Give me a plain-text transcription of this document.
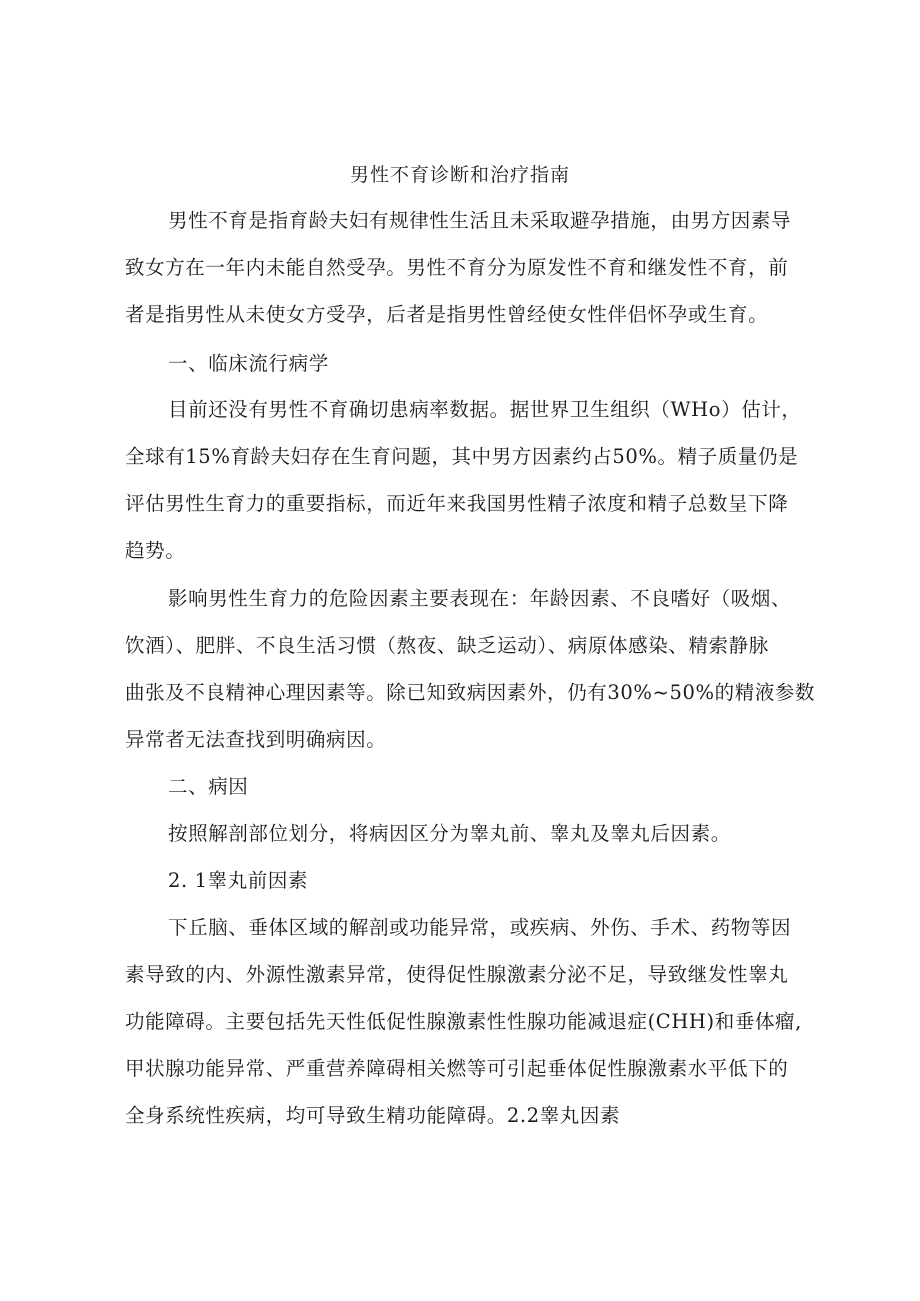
男性不育诊断和治疗指南

男性不育是指育龄夫妇有规律性生活且未采取避孕措施，由男方因素导
致女方在一年内未能自然受孕。男性不育分为原发性不育和继发性不育，前
者是指男性从未使女方受孕，后者是指男性曾经使女性伴侣怀孕或生育。

一、临床流行病学

目前还没有男性不育确切患病率数据。据世界卫生组织（WHo）估计，
全球有15%育龄夫妇存在生育问题，其中男方因素约占50%。精子质量仍是
评估男性生育力的重要指标，而近年来我国男性精子浓度和精子总数呈下降
趋势。

影响男性生育力的危险因素主要表现在：年龄因素、不良嗜好（吸烟、
饮酒）、肥胖、不良生活习惯（熬夜、缺乏运动）、病原体感染、精索静脉
曲张及不良精神心理因素等。除已知致病因素外，仍有30%~50%的精液参数
异常者无法查找到明确病因。

二、病因

按照解剖部位划分，将病因区分为睾丸前、睾丸及睾丸后因素。

2. 1睾丸前因素

下丘脑、垂体区域的解剖或功能异常，或疾病、外伤、手术、药物等因
素导致的内、外源性激素异常，使得促性腺激素分泌不足，导致继发性睾丸
功能障碍。主要包括先天性低促性腺激素性性腺功能减退症(CHH)和垂体瘤,
甲状腺功能异常、严重营养障碍相关燃等可引起垂体促性腺激素水平低下的
全身系统性疾病，均可导致生精功能障碍。2.2睾丸因素
